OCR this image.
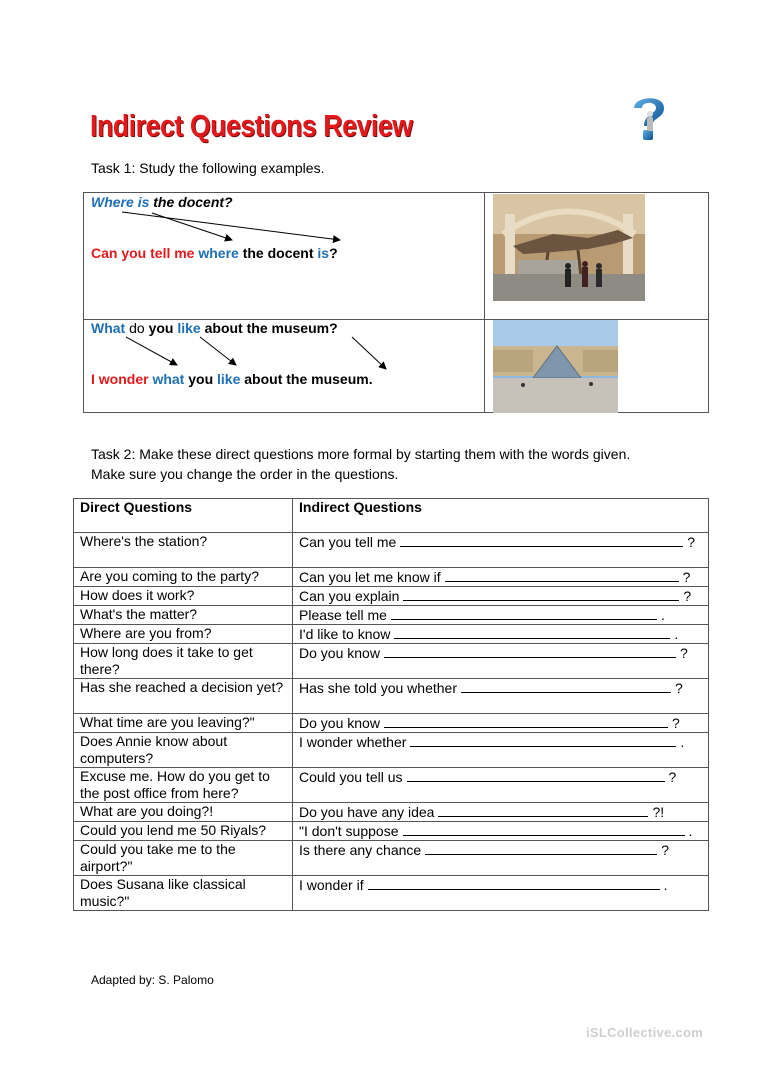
Indirect Questions Review
Task 1: Study the following examples.
Where is the docent?
Can you tell me where the docent is?
What do you like about the museum?
I wonder what you like about the museum.
Task 2: Make these direct questions more formal by starting them with the words given.
Make sure you change the order in the questions.
Direct Questions	Indirect Questions
Where's the station?	Can you tell me ?
Are you coming to the party?	Can you let me know if ?
How does it work?	Can you explain ?
What's the matter?	Please tell me .
Where are you from?	I'd like to know .
How long does it take to get there?	Do you know ?
Has she reached a decision yet?	Has she told you whether ?
What time are you leaving?"	Do you know ?
Does Annie know about computers?	I wonder whether .
Excuse me. How do you get to the post office from here?	Could you tell us ?
What are you doing?!	Do you have any idea ?!
Could you lend me 50 Riyals?	"I don't suppose .
Could you take me to the airport?"	Is there any chance ?
Does Susana like classical music?"	I wonder if .
Adapted by: S. Palomo
iSLCollective.com
